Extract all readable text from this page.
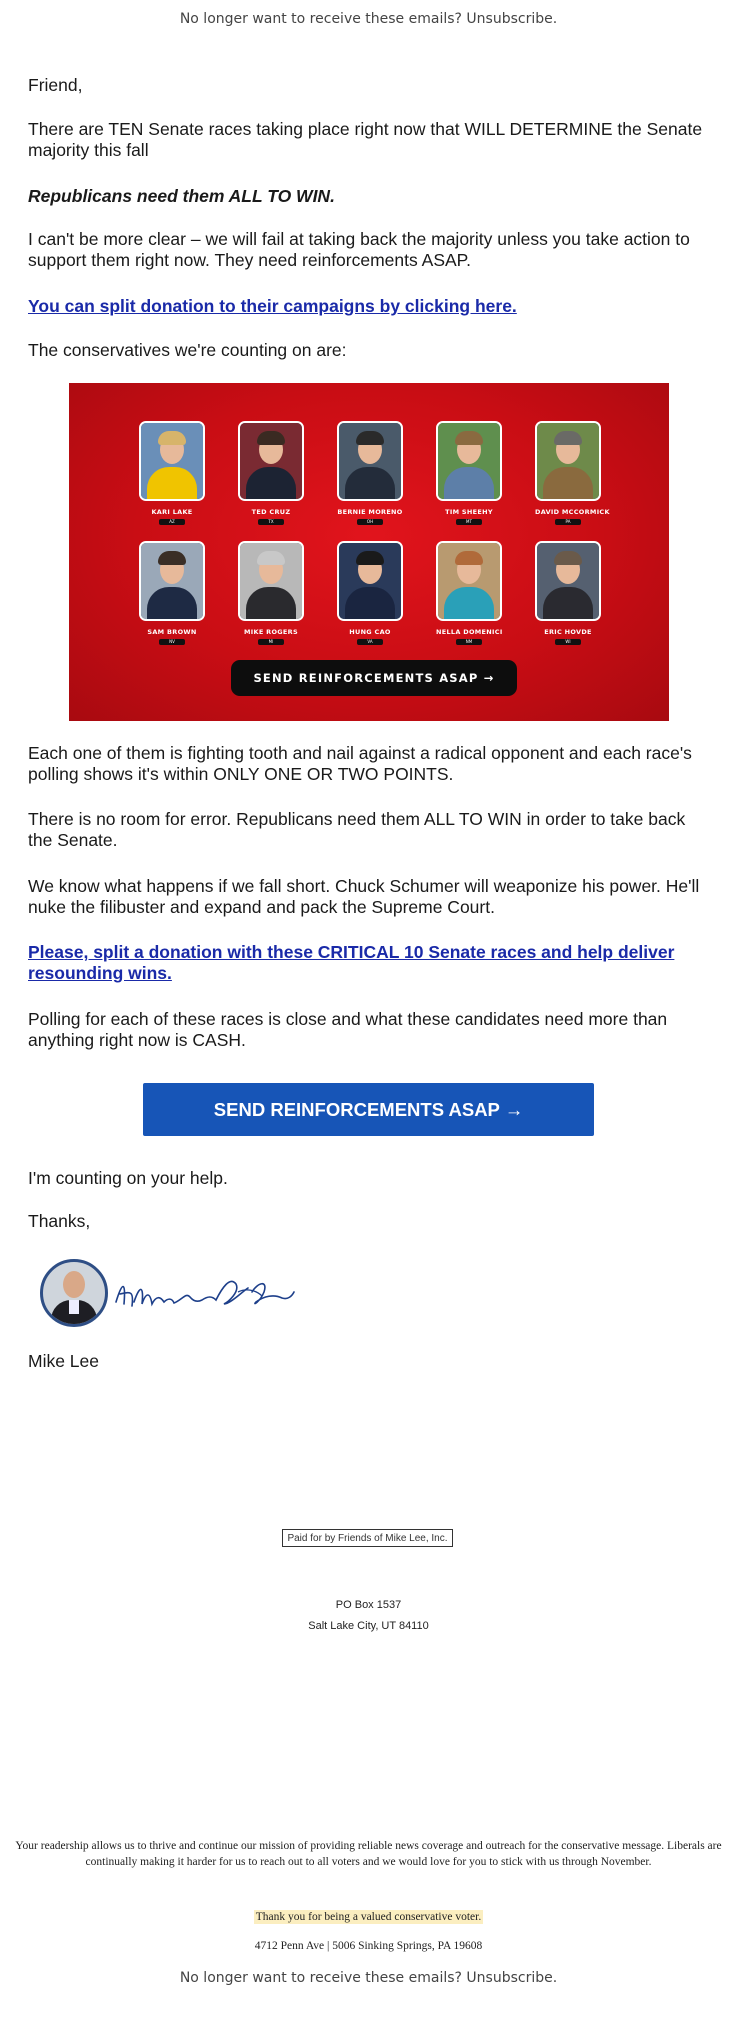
No longer want to receive these emails? Unsubscribe.

Friend,

There are TEN Senate races taking place right now that WILL DETERMINE the Senate majority this fall

Republicans need them ALL TO WIN.

I can't be more clear – we will fail at taking back the majority unless you take action to support them right now. They need reinforcements ASAP.

You can split donation to their campaigns by clicking here.

The conservatives we're counting on are:

KARI LAKE
AZ
TED CRUZ
TX
BERNIE MORENO
OH
TIM SHEEHY
MT
DAVID MCCORMICK
PA
SAM BROWN
NV
MIKE ROGERS
MI
HUNG CAO
VA
NELLA DOMENICI
NM
ERIC HOVDE
WI
SEND REINFORCEMENTS ASAP →

Each one of them is fighting tooth and nail against a radical opponent and each race's polling shows it's within ONLY ONE OR TWO POINTS.

There is no room for error. Republicans need them ALL TO WIN in order to take back the Senate.

We know what happens if we fall short. Chuck Schumer will weaponize his power. He'll nuke the filibuster and expand and pack the Supreme Court.

Please, split a donation with these CRITICAL 10 Senate races and help deliver resounding wins.

Polling for each of these races is close and what these candidates need more than anything right now is CASH.

SEND REINFORCEMENTS ASAP →

I'm counting on your help.

Thanks,

Mike Lee

Paid for by Friends of Mike Lee, Inc.
PO Box 1537
Salt Lake City, UT 84110
Your readership allows us to thrive and continue our mission of providing reliable news coverage and outreach for the conservative message. Liberals are continually making it harder for us to reach out to all voters and we would love for you to stick with us through November.
Thank you for being a valued conservative voter.
4712 Penn Ave | 5006 Sinking Springs, PA 19608
No longer want to receive these emails? Unsubscribe.
